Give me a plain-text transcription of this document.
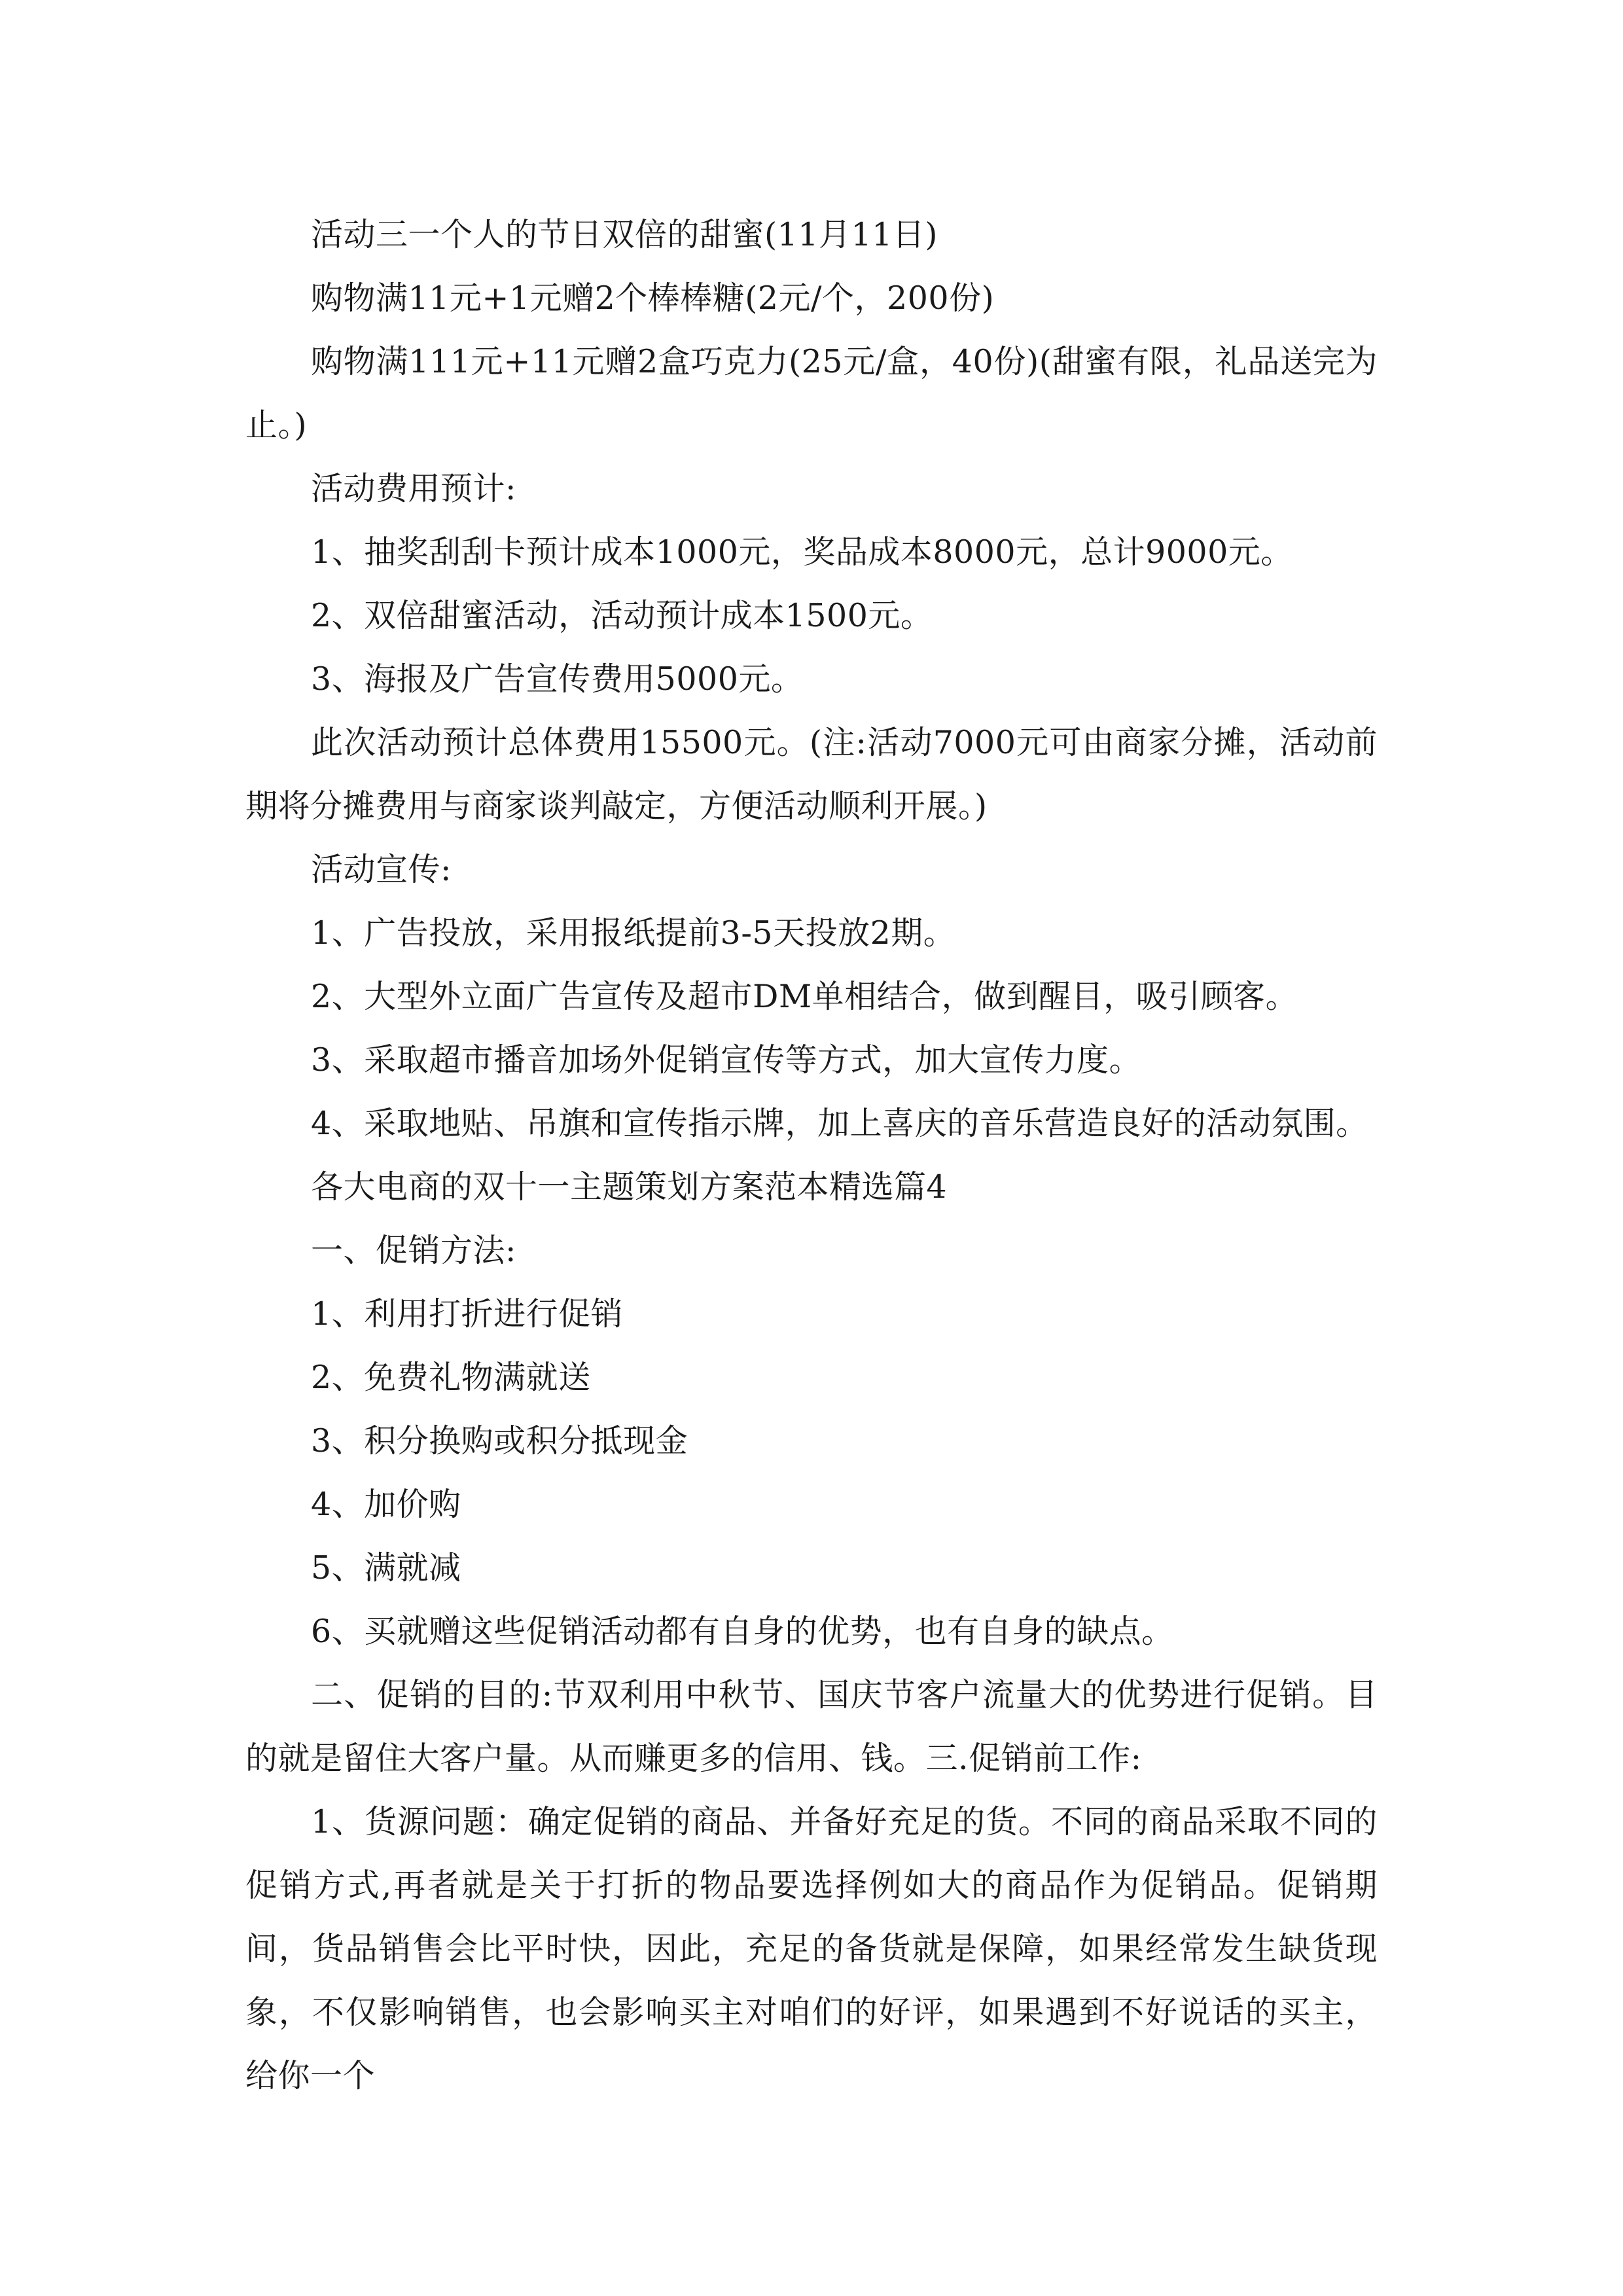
活动三一个人的节日双倍的甜蜜(11月11日)

购物满11元+1元赠2个棒棒糖(2元/个，200份)

购物满111元+11元赠2盒巧克力(25元/盒，40份)(甜蜜有限，礼品送完为止。)

活动费用预计:

1、抽奖刮刮卡预计成本1000元，奖品成本8000元，总计9000元。

2、双倍甜蜜活动，活动预计成本1500元。

3、海报及广告宣传费用5000元。

此次活动预计总体费用15500元。(注:活动7000元可由商家分摊，活动前期将分摊费用与商家谈判敲定，方便活动顺利开展。)

活动宣传:

1、广告投放，采用报纸提前3-5天投放2期。

2、大型外立面广告宣传及超市DM单相结合，做到醒目，吸引顾客。

3、采取超市播音加场外促销宣传等方式，加大宣传力度。

4、采取地贴、吊旗和宣传指示牌，加上喜庆的音乐营造良好的活动氛围。

各大电商的双十一主题策划方案范本精选篇4

一、促销方法:

1、利用打折进行促销

2、免费礼物满就送

3、积分换购或积分抵现金

4、加价购

5、满就减

6、买就赠这些促销活动都有自身的优势，也有自身的缺点。

二、促销的目的:节双利用中秋节、国庆节客户流量大的优势进行促销。目的就是留住大客户量。从而赚更多的信用、钱。三.促销前工作:

1、货源问题：确定促销的商品、并备好充足的货。不同的商品采取不同的促销方式,再者就是关于打折的物品要选择例如大的商品作为促销品。促销期间，货品销售会比平时快，因此，充足的备货就是保障，如果经常发生缺货现象，不仅影响销售，也会影响买主对咱们的好评，如果遇到不好说话的买主，给你一个
